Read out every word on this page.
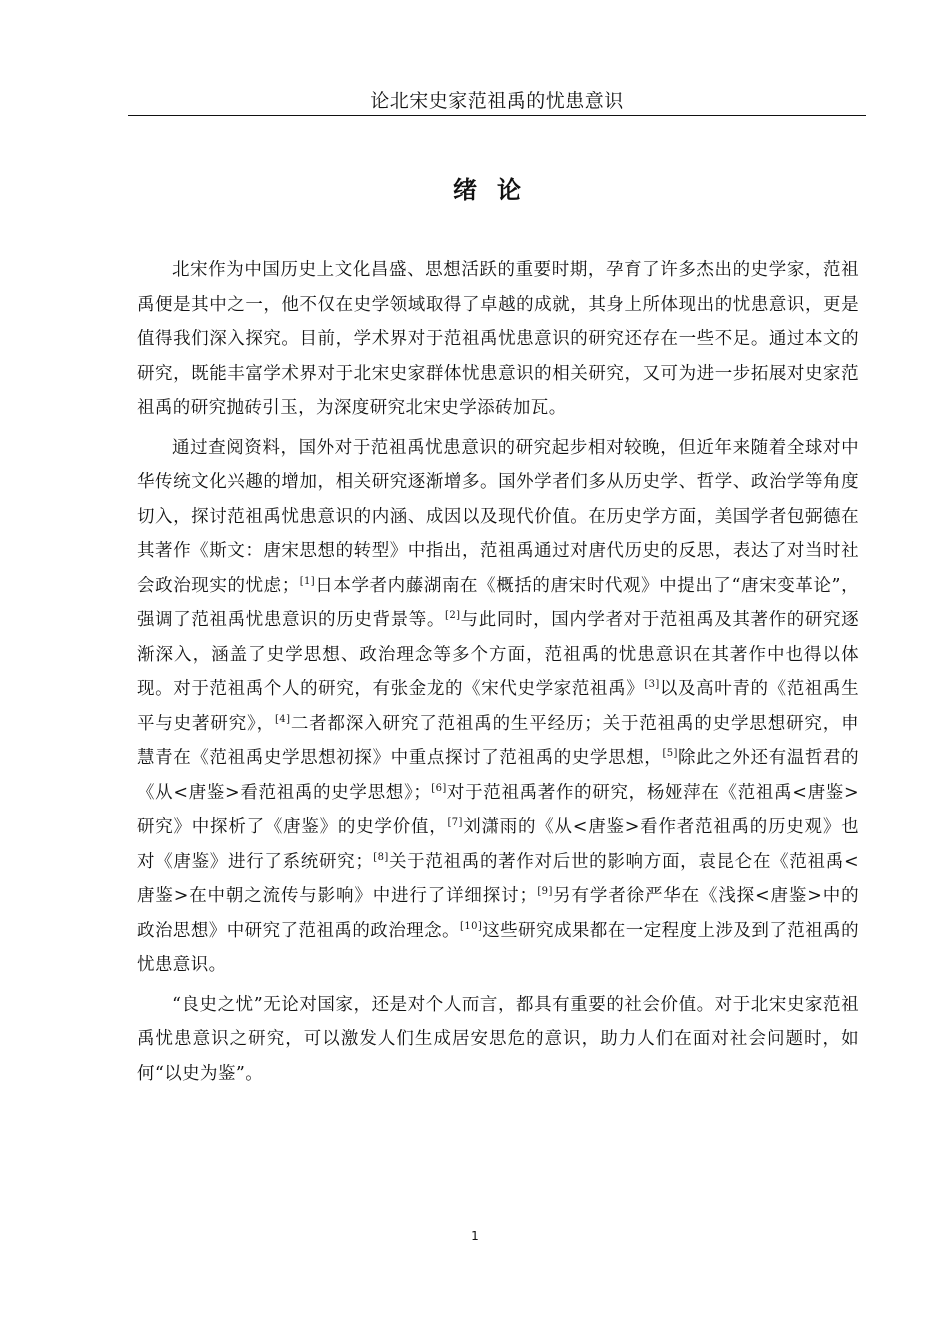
论北宋史家范祖禹的忧患意识
绪论

北宋作为中国历史上文化昌盛、思想活跃的重要时期，孕育了许多杰出的史学家，范祖禹便是其中之一，他不仅在史学领域取得了卓越的成就，其身上所体现出的忧患意识，更是值得我们深入探究。目前，学术界对于范祖禹忧患意识的研究还存在一些不足。通过本文的研究，既能丰富学术界对于北宋史家群体忧患意识的相关研究，又可为进一步拓展对史家范祖禹的研究抛砖引玉，为深度研究北宋史学添砖加瓦。

通过查阅资料，国外对于范祖禹忧患意识的研究起步相对较晚，但近年来随着全球对中华传统文化兴趣的增加，相关研究逐渐增多。国外学者们多从历史学、哲学、政治学等角度切入，探讨范祖禹忧患意识的内涵、成因以及现代价值。在历史学方面，美国学者包弼德在其著作《斯文：唐宋思想的转型》中指出，范祖禹通过对唐代历史的反思，表达了对当时社会政治现实的忧虑；[1]日本学者内藤湖南在《概括的唐宋时代观》中提出了“唐宋变革论”，强调了范祖禹忧患意识的历史背景等。[2]与此同时，国内学者对于范祖禹及其著作的研究逐渐深入，涵盖了史学思想、政治理念等多个方面，范祖禹的忧患意识在其著作中也得以体现。对于范祖禹个人的研究，有张金龙的《宋代史学家范祖禹》[3]以及高叶青的《范祖禹生平与史著研究》，[4]二者都深入研究了范祖禹的生平经历；关于范祖禹的史学思想研究，申慧青在《范祖禹史学思想初探》中重点探讨了范祖禹的史学思想，[5]除此之外还有温哲君的《从<唐鉴>看范祖禹的史学思想》；[6]对于范祖禹著作的研究，杨娅萍在《范祖禹<唐鉴>研究》中探析了《唐鉴》的史学价值，[7]刘潇雨的《从<唐鉴>看作者范祖禹的历史观》也对《唐鉴》进行了系统研究；[8]关于范祖禹的著作对后世的影响方面，袁昆仑在《范祖禹<唐鉴>在中朝之流传与影响》中进行了详细探讨；[9]另有学者徐严华在《浅探<唐鉴>中的政治思想》中研究了范祖禹的政治理念。[10]这些研究成果都在一定程度上涉及到了范祖禹的忧患意识。

“良史之忧”无论对国家，还是对个人而言，都具有重要的社会价值。对于北宋史家范祖禹忧患意识之研究，可以激发人们生成居安思危的意识，助力人们在面对社会问题时，如何“以史为鉴”。

1
